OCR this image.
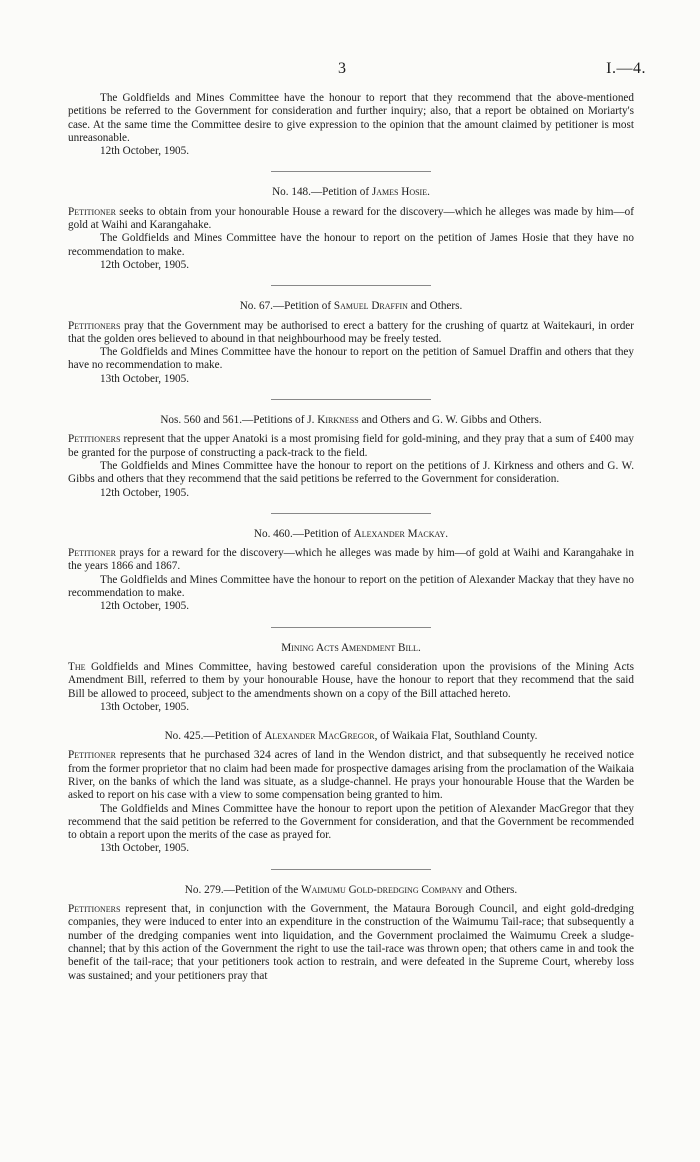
3	I.—4.

The Goldfields and Mines Committee have the honour to report that they recommend that the above-mentioned petitions be referred to the Government for consideration and further inquiry; also, that a report be obtained on Moriarty's case. At the same time the Committee desire to give expression to the opinion that the amount claimed by petitioner is most unreasonable.

12th October, 1905.

No. 148.—Petition of James Hosie.

Petitioner seeks to obtain from your honourable House a reward for the discovery—which he alleges was made by him—of gold at Waihi and Karangahake.

The Goldfields and Mines Committee have the honour to report on the petition of James Hosie that they have no recommendation to make.

12th October, 1905.

No. 67.—Petition of Samuel Draffin and Others.

Petitioners pray that the Government may be authorised to erect a battery for the crushing of quartz at Waitekauri, in order that the golden ores believed to abound in that neighbourhood may be freely tested.

The Goldfields and Mines Committee have the honour to report on the petition of Samuel Draffin and others that they have no recommendation to make.

13th October, 1905.

Nos. 560 and 561.—Petitions of J. Kirkness and Others and G. W. Gibbs and Others.

Petitioners represent that the upper Anatoki is a most promising field for gold-mining, and they pray that a sum of £400 may be granted for the purpose of constructing a pack-track to the field.

The Goldfields and Mines Committee have the honour to report on the petitions of J. Kirkness and others and G. W. Gibbs and others that they recommend that the said petitions be referred to the Government for consideration.

12th October, 1905.

No. 460.—Petition of Alexander Mackay.

Petitioner prays for a reward for the discovery—which he alleges was made by him—of gold at Waihi and Karangahake in the years 1866 and 1867.

The Goldfields and Mines Committee have the honour to report on the petition of Alexander Mackay that they have no recommendation to make.

12th October, 1905.

Mining Acts Amendment Bill.

The Goldfields and Mines Committee, having bestowed careful consideration upon the provisions of the Mining Acts Amendment Bill, referred to them by your honourable House, have the honour to report that they recommend that the said Bill be allowed to proceed, subject to the amendments shown on a copy of the Bill attached hereto.

13th October, 1905.

No. 425.—Petition of Alexander MacGregor, of Waikaia Flat, Southland County.

Petitioner represents that he purchased 324 acres of land in the Wendon district, and that subsequently he received notice from the former proprietor that no claim had been made for prospective damages arising from the proclamation of the Waikaia River, on the banks of which the land was situate, as a sludge-channel. He prays your honourable House that the Warden be asked to report on his case with a view to some compensation being granted to him.

The Goldfields and Mines Committee have the honour to report upon the petition of Alexander MacGregor that they recommend that the said petition be referred to the Government for consideration, and that the Government be recommended to obtain a report upon the merits of the case as prayed for.

13th October, 1905.

No. 279.—Petition of the Waimumu Gold-dredging Company and Others.

Petitioners represent that, in conjunction with the Government, the Mataura Borough Council, and eight gold-dredging companies, they were induced to enter into an expenditure in the construction of the Waimumu Tail-race; that subsequently a number of the dredging companies went into liquidation, and the Government proclaimed the Waimumu Creek a sludge-channel; that by this action of the Government the right to use the tail-race was thrown open; that others came in and took the benefit of the tail-race; that your petitioners took action to restrain, and were defeated in the Supreme Court, whereby loss was sustained; and your petitioners pray that
